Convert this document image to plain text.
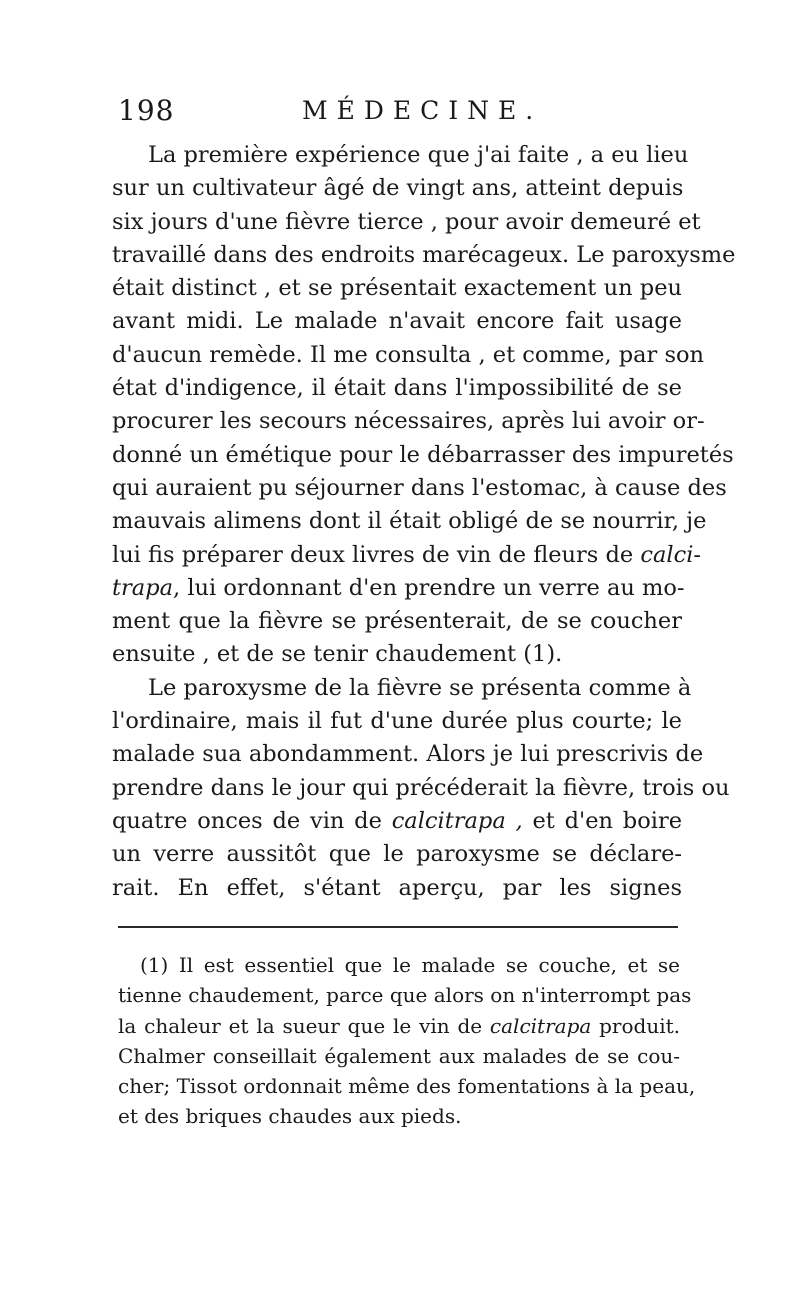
198	MÉDECINE.
La première expérience que j'ai faite , a eu lieu
sur un cultivateur âgé de vingt ans, atteint depuis
six jours d'une fièvre tierce , pour avoir demeuré et
travaillé dans des endroits marécageux. Le paroxysme
était distinct , et se présentait exactement un peu
avant midi. Le malade n'avait encore fait usage
d'aucun remède. Il me consulta , et comme, par son
état d'indigence, il était dans l'impossibilité de se
procurer les secours nécessaires, après lui avoir or-
donné un émétique pour le débarrasser des impuretés
qui auraient pu séjourner dans l'estomac, à cause des
mauvais alimens dont il était obligé de se nourrir, je
lui fis préparer deux livres de vin de fleurs de calci-
trapa, lui ordonnant d'en prendre un verre au mo-
ment que la fièvre se présenterait, de se coucher
ensuite , et de se tenir chaudement (1).
Le paroxysme de la fièvre se présenta comme à
l'ordinaire, mais il fut d'une durée plus courte; le
malade sua abondamment. Alors je lui prescrivis de
prendre dans le jour qui précéderait la fièvre, trois ou
quatre onces de vin de calcitrapa , et d'en boire
un verre aussitôt que le paroxysme se déclare-
rait. En effet, s'étant aperçu, par les signes
(1) Il est essentiel que le malade se couche, et se
tienne chaudement, parce que alors on n'interrompt pas
la chaleur et la sueur que le vin de calcitrapa produit.
Chalmer conseillait également aux malades de se cou-
cher; Tissot ordonnait même des fomentations à la peau,
et des briques chaudes aux pieds.
